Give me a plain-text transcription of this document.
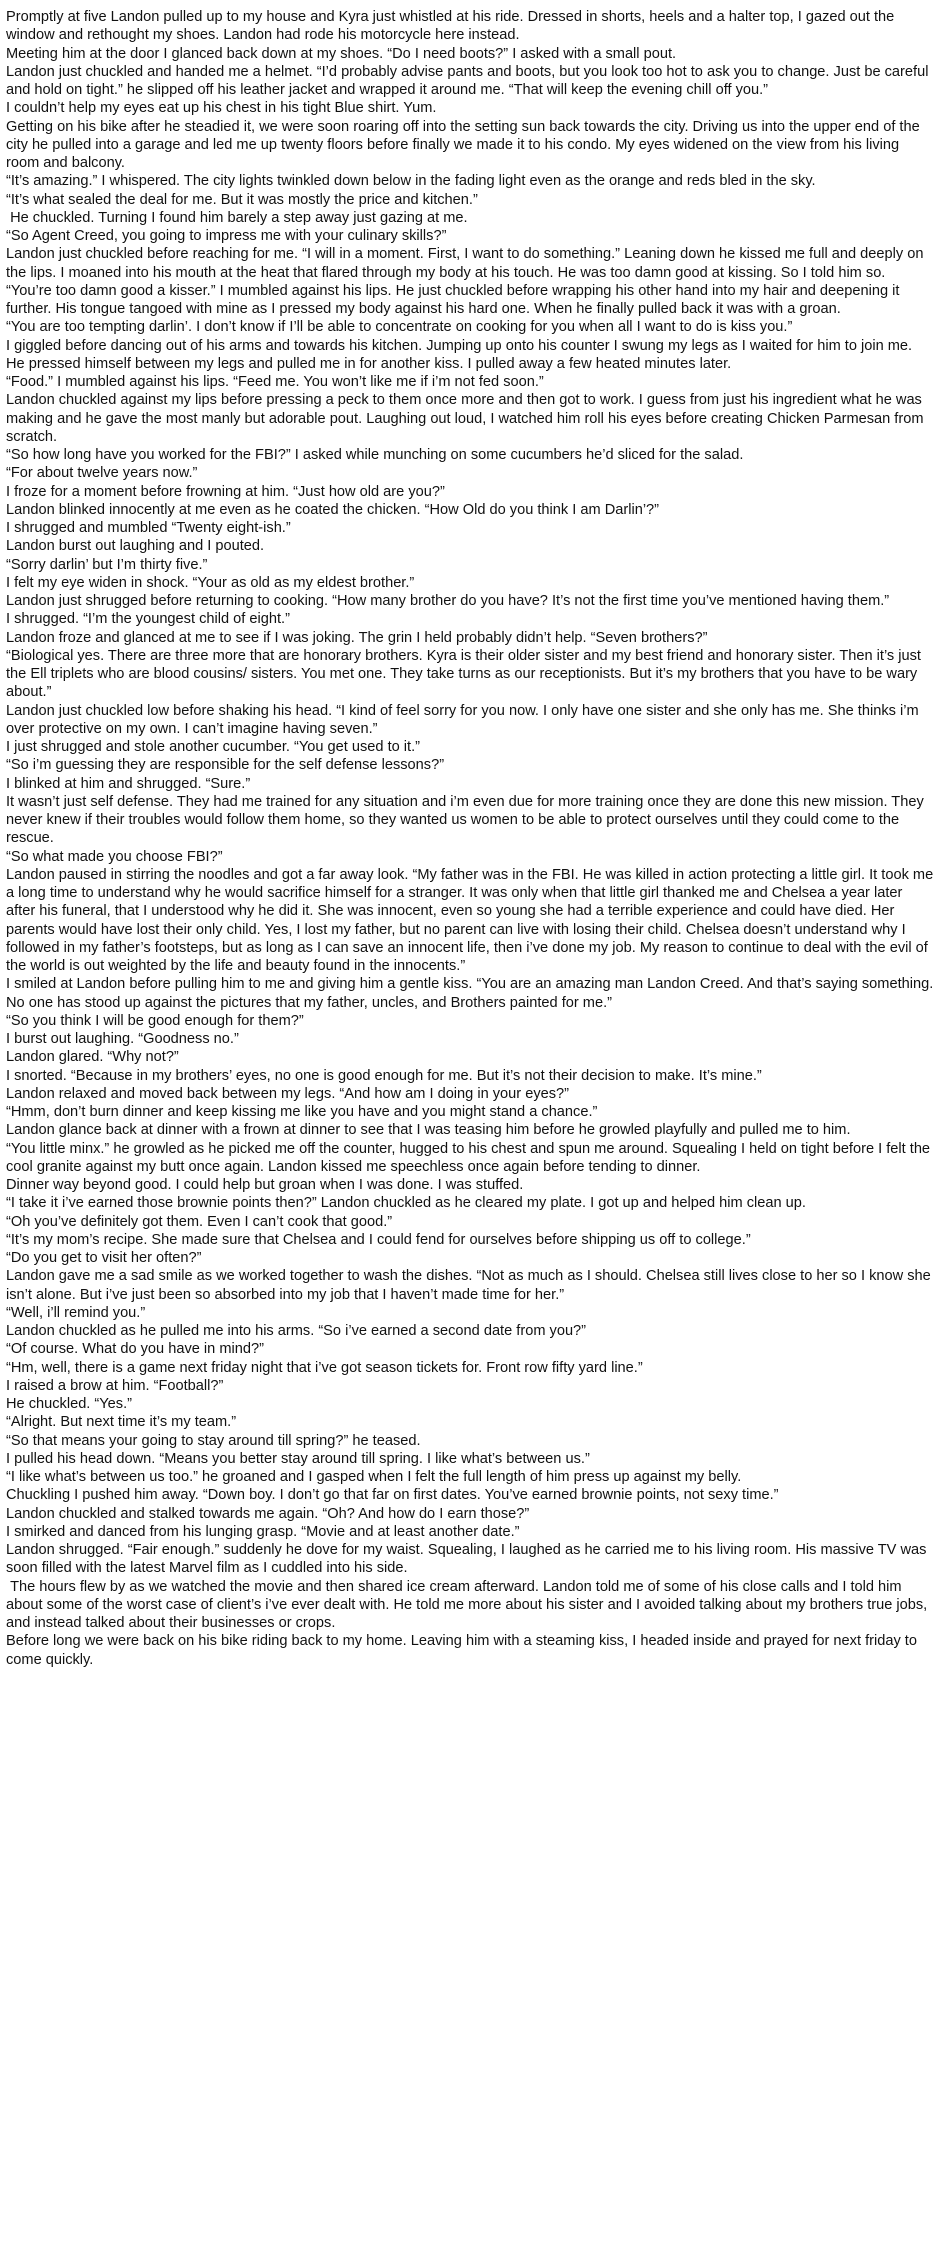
Promptly at five Landon pulled up to my house and Kyra just whistled at his ride. Dressed in shorts, heels and a halter top, I gazed out the window and rethought my shoes. Landon had rode his motorcycle here instead.

Meeting him at the door I glanced back down at my shoes. “Do I need boots?” I asked with a small pout.

Landon just chuckled and handed me a helmet. “I’d probably advise pants and boots, but you look too hot to ask you to change. Just be careful and hold on tight.” he slipped off his leather jacket and wrapped it around me. “That will keep the evening chill off you.”

I couldn’t help my eyes eat up his chest in his tight Blue shirt. Yum.

Getting on his bike after he steadied it, we were soon roaring off into the setting sun back towards the city. Driving us into the upper end of the city he pulled into a garage and led me up twenty floors before finally we made it to his condo. My eyes widened on the view from his living room and balcony.

“It’s amazing.” I whispered. The city lights twinkled down below in the fading light even as the orange and reds bled in the sky.

“It’s what sealed the deal for me. But it was mostly the price and kitchen.”

He chuckled. Turning I found him barely a step away just gazing at me.

“So Agent Creed, you going to impress me with your culinary skills?”

Landon just chuckled before reaching for me. “I will in a moment. First, I want to do something.” Leaning down he kissed me full and deeply on the lips. I moaned into his mouth at the heat that flared through my body at his touch. He was too damn good at kissing. So I told him so.

“You’re too damn good a kisser.” I mumbled against his lips. He just chuckled before wrapping his other hand into my hair and deepening it further. His tongue tangoed with mine as I pressed my body against his hard one. When he finally pulled back it was with a groan.

“You are too tempting darlin’. I don’t know if I’ll be able to concentrate on cooking for you when all I want to do is kiss you.”

I giggled before dancing out of his arms and towards his kitchen. Jumping up onto his counter I swung my legs as I waited for him to join me. He pressed himself between my legs and pulled me in for another kiss. I pulled away a few heated minutes later.

“Food.” I mumbled against his lips. “Feed me. You won’t like me if i’m not fed soon.”

Landon chuckled against my lips before pressing a peck to them once more and then got to work. I guess from just his ingredient what he was making and he gave the most manly but adorable pout. Laughing out loud, I watched him roll his eyes before creating Chicken Parmesan from scratch.

“So how long have you worked for the FBI?” I asked while munching on some cucumbers he’d sliced for the salad.

“For about twelve years now.”

I froze for a moment before frowning at him. “Just how old are you?”

Landon blinked innocently at me even as he coated the chicken. “How Old do you think I am Darlin’?”

I shrugged and mumbled “Twenty eight-ish.”

Landon burst out laughing and I pouted.

“Sorry darlin’ but I’m thirty five.”

I felt my eye widen in shock. “Your as old as my eldest brother.”

Landon just shrugged before returning to cooking. “How many brother do you have? It’s not the first time you’ve mentioned having them.”

I shrugged. “I’m the youngest child of eight.”

Landon froze and glanced at me to see if I was joking. The grin I held probably didn’t help. “Seven brothers?”

“Biological yes. There are three more that are honorary brothers. Kyra is their older sister and my best friend and honorary sister. Then it’s just the Ell triplets who are blood cousins/ sisters. You met one. They take turns as our receptionists. But it’s my brothers that you have to be wary about.”

Landon just chuckled low before shaking his head. “I kind of feel sorry for you now. I only have one sister and she only has me. She thinks i’m over protective on my own. I can’t imagine having seven.”

I just shrugged and stole another cucumber. “You get used to it.”

“So i’m guessing they are responsible for the self defense lessons?”

I blinked at him and shrugged. “Sure.”

It wasn’t just self defense. They had me trained for any situation and i’m even due for more training once they are done this new mission. They never knew if their troubles would follow them home, so they wanted us women to be able to protect ourselves until they could come to the rescue.

“So what made you choose FBI?”

Landon paused in stirring the noodles and got a far away look. “My father was in the FBI. He was killed in action protecting a little girl. It took me a long time to understand why he would sacrifice himself for a stranger. It was only when that little girl thanked me and Chelsea a year later after his funeral, that I understood why he did it. She was innocent, even so young she had a terrible experience and could have died. Her parents would have lost their only child. Yes, I lost my father, but no parent can live with losing their child. Chelsea doesn’t understand why I followed in my father’s footsteps, but as long as I can save an innocent life, then i’ve done my job. My reason to continue to deal with the evil of the world is out weighted by the life and beauty found in the innocents.”

I smiled at Landon before pulling him to me and giving him a gentle kiss. “You are an amazing man Landon Creed. And that’s saying something. No one has stood up against the pictures that my father, uncles, and Brothers painted for me.”

“So you think I will be good enough for them?”

I burst out laughing. “Goodness no.”

Landon glared. “Why not?”

I snorted. “Because in my brothers’ eyes, no one is good enough for me. But it’s not their decision to make. It’s mine.”

Landon relaxed and moved back between my legs. “And how am I doing in your eyes?”

“Hmm, don’t burn dinner and keep kissing me like you have and you might stand a chance.”

Landon glance back at dinner with a frown at dinner to see that I was teasing him before he growled playfully and pulled me to him.

“You little minx.” he growled as he picked me off the counter, hugged to his chest and spun me around. Squealing I held on tight before I felt the cool granite against my butt once again. Landon kissed me speechless once again before tending to dinner.

Dinner way beyond good. I could help but groan when I was done. I was stuffed.

“I take it i’ve earned those brownie points then?” Landon chuckled as he cleared my plate. I got up and helped him clean up.

“Oh you’ve definitely got them. Even I can’t cook that good.”

“It’s my mom’s recipe. She made sure that Chelsea and I could fend for ourselves before shipping us off to college.”

“Do you get to visit her often?”

Landon gave me a sad smile as we worked together to wash the dishes. “Not as much as I should. Chelsea still lives close to her so I know she isn’t alone. But i’ve just been so absorbed into my job that I haven’t made time for her.”

“Well, i’ll remind you.”

Landon chuckled as he pulled me into his arms. “So i’ve earned a second date from you?”

“Of course. What do you have in mind?”

“Hm, well, there is a game next friday night that i’ve got season tickets for. Front row fifty yard line.”

I raised a brow at him. “Football?”

He chuckled. “Yes.”

“Alright. But next time it’s my team.”

“So that means your going to stay around till spring?” he teased.

I pulled his head down. “Means you better stay around till spring. I like what’s between us.”

“I like what’s between us too.” he groaned and I gasped when I felt the full length of him press up against my belly.

Chuckling I pushed him away. “Down boy. I don’t go that far on first dates. You’ve earned brownie points, not sexy time.”

Landon chuckled and stalked towards me again. “Oh? And how do I earn those?”

I smirked and danced from his lunging grasp. “Movie and at least another date.”

Landon shrugged. “Fair enough.” suddenly he dove for my waist. Squealing, I laughed as he carried me to his living room. His massive TV was soon filled with the latest Marvel film as I cuddled into his side.

The hours flew by as we watched the movie and then shared ice cream afterward. Landon told me of some of his close calls and I told him about some of the worst case of client’s i’ve ever dealt with. He told me more about his sister and I avoided talking about my brothers true jobs, and instead talked about their businesses or crops.

Before long we were back on his bike riding back to my home. Leaving him with a steaming kiss, I headed inside and prayed for next friday to come quickly.
